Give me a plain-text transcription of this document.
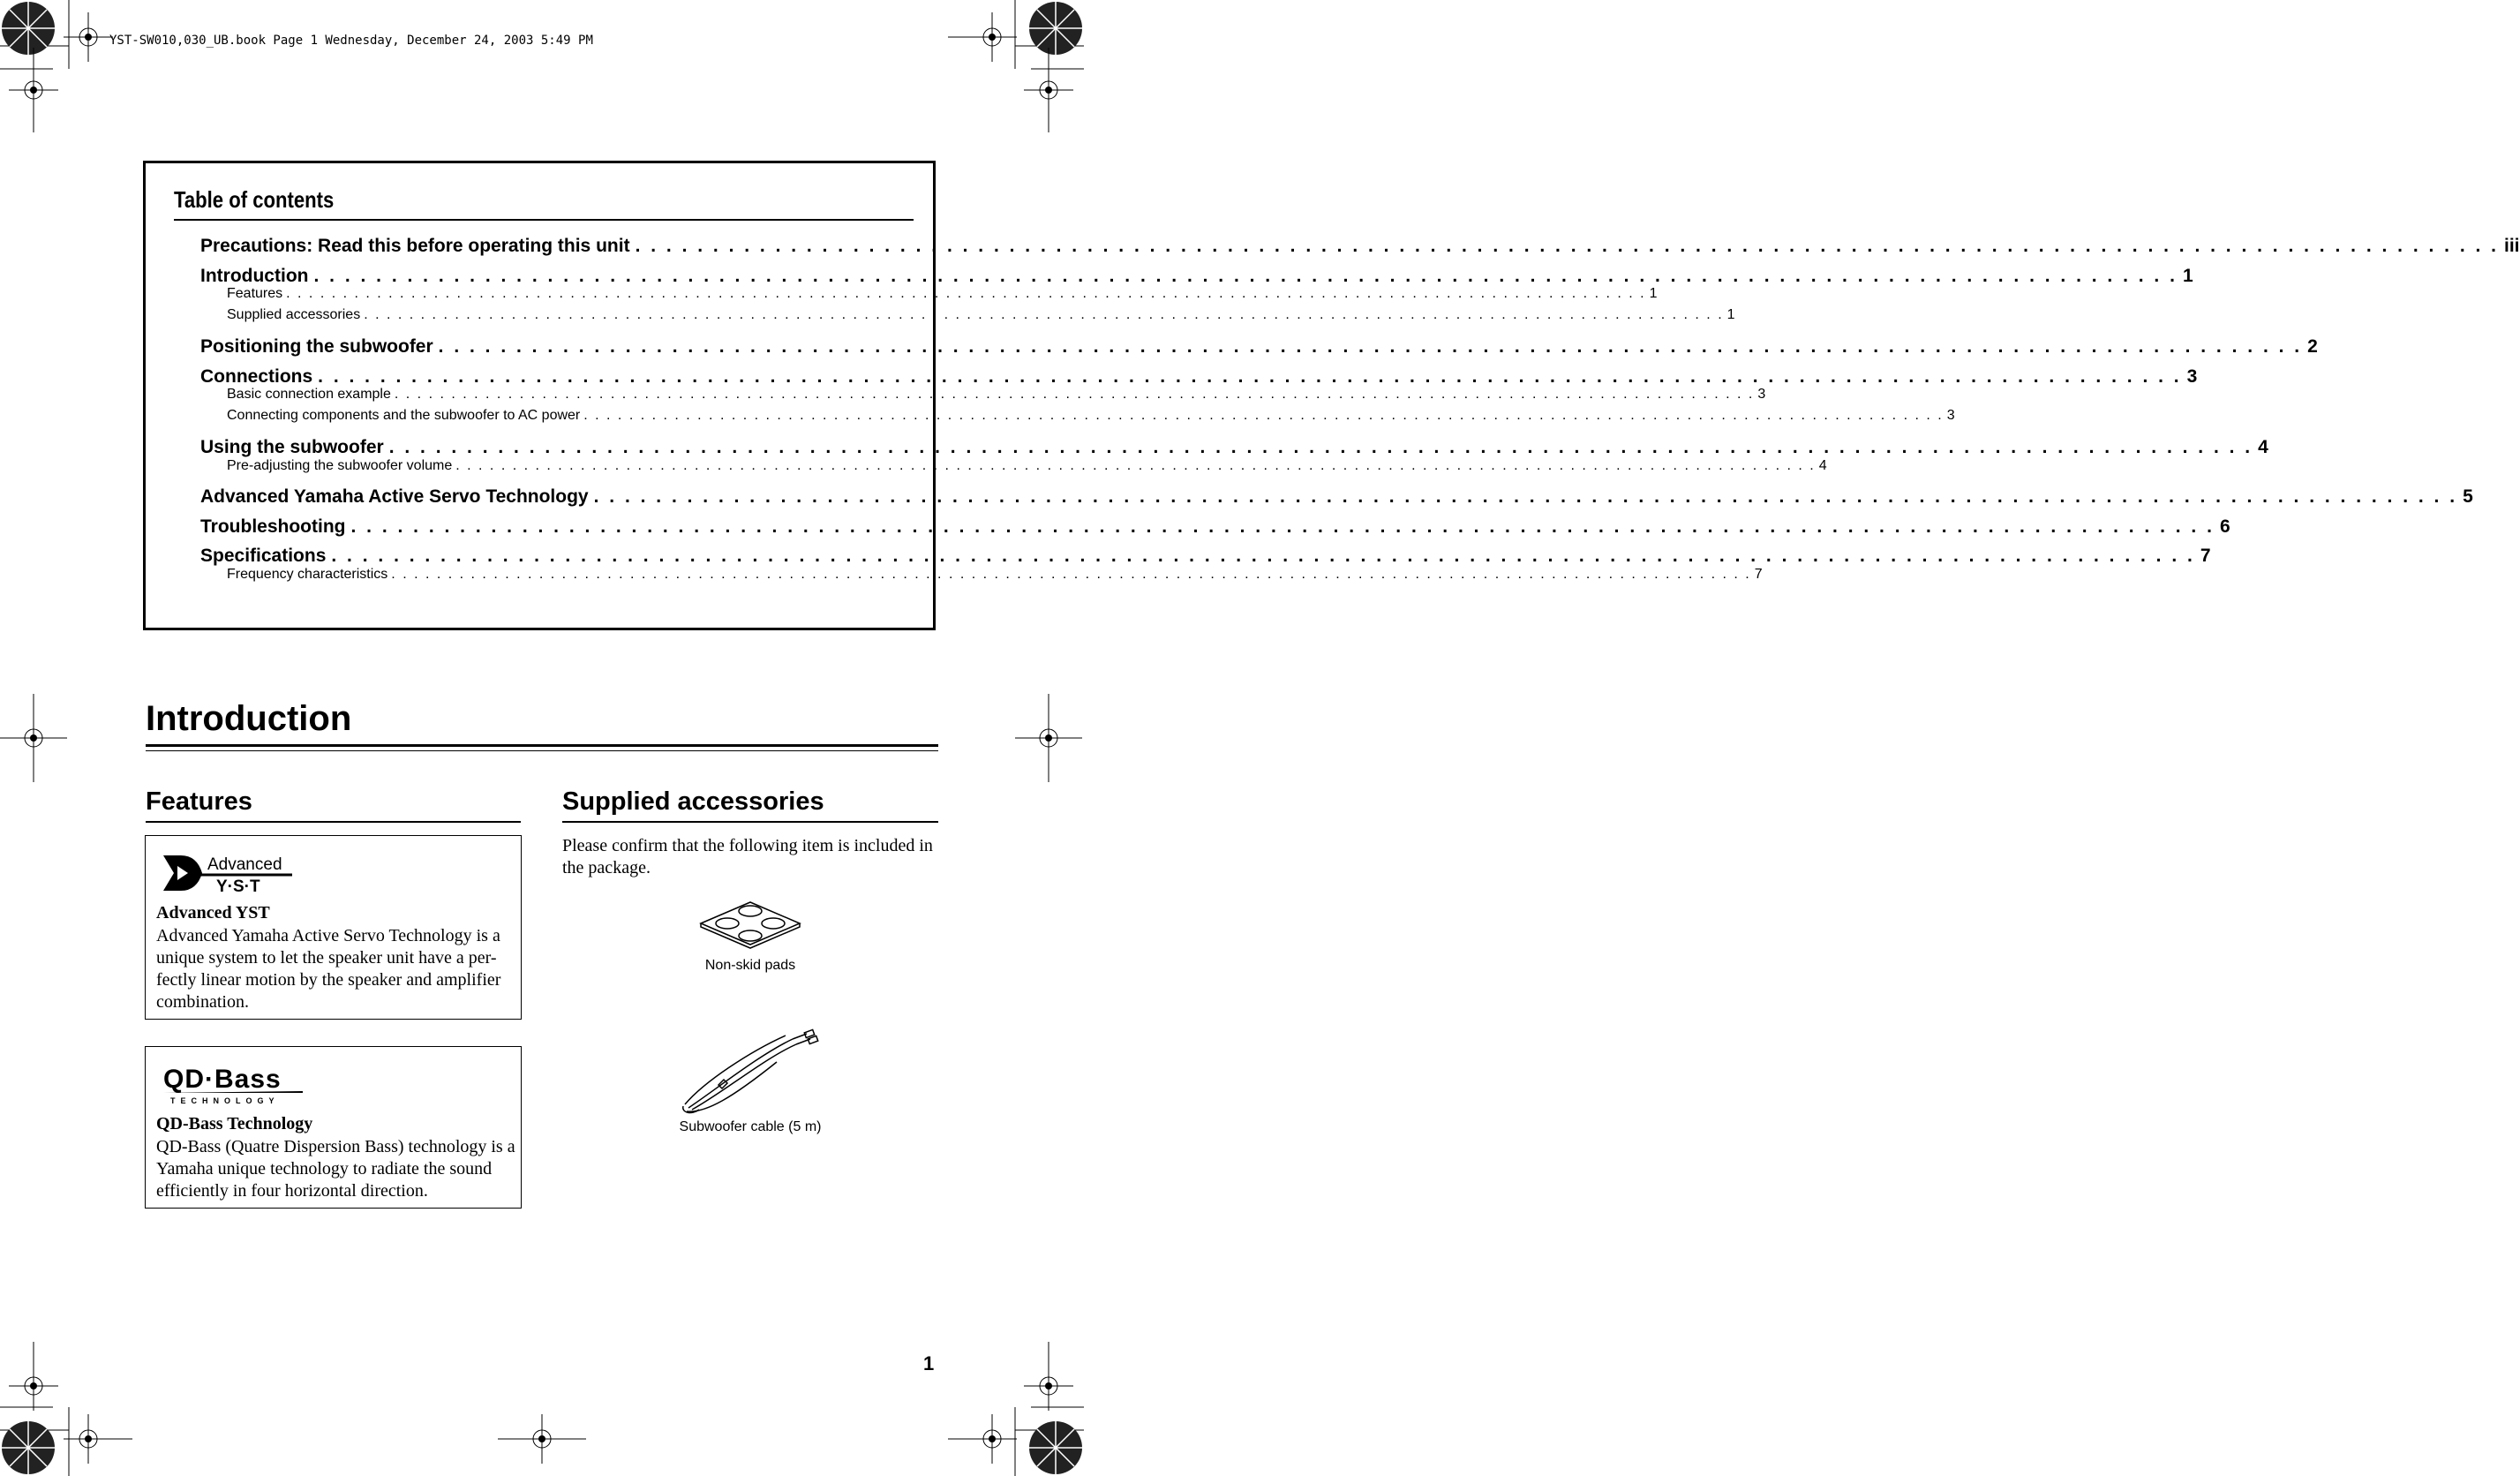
YST-SW010,030_UB.book Page 1 Wednesday, December 24, 2003 5:49 PM
Table of contents
Precautions: Read this before operating this unit . . . . . . . . . . . . . . . . . . . . . . . . . . . . . . . . . . . . . . . . . . . . . . . . . . . . . . . . . . . . . . . . . . . . . . . . . . . . . . . . . . . . . . . . . . . . . . . . . . . . . . . . . . . . . . . . . . . . . . . . iii
Introduction . . . . . . . . . . . . . . . . . . . . . . . . . . . . . . . . . . . . . . . . . . . . . . . . . . . . . . . . . . . . . . . . . . . . . . . . . . . . . . . . . . . . . . . . . . . . . . . . . . . . . . . . . . . . . . . . . . . . . . . . 1
Features . . . . . . . . . . . . . . . . . . . . . . . . . . . . . . . . . . . . . . . . . . . . . . . . . . . . . . . . . . . . . . . . . . . . . . . . . . . . . . . . . . . . . . . . . . . . . . . . . . . . . . . . . . . . . . . . . . . . . . . . 1
Supplied accessories . . . . . . . . . . . . . . . . . . . . . . . . . . . . . . . . . . . . . . . . . . . . . . . . . . . . . . . . . . . . . . . . . . . . . . . . . . . . . . . . . . . . . . . . . . . . . . . . . . . . . . . . . . . . . . . . . . . . . . . . 1
Positioning the subwoofer . . . . . . . . . . . . . . . . . . . . . . . . . . . . . . . . . . . . . . . . . . . . . . . . . . . . . . . . . . . . . . . . . . . . . . . . . . . . . . . . . . . . . . . . . . . . . . . . . . . . . . . . . . . . . . . . . . . . . . . . 2
Connections . . . . . . . . . . . . . . . . . . . . . . . . . . . . . . . . . . . . . . . . . . . . . . . . . . . . . . . . . . . . . . . . . . . . . . . . . . . . . . . . . . . . . . . . . . . . . . . . . . . . . . . . . . . . . . . . . . . . . . . . 3
Basic connection example . . . . . . . . . . . . . . . . . . . . . . . . . . . . . . . . . . . . . . . . . . . . . . . . . . . . . . . . . . . . . . . . . . . . . . . . . . . . . . . . . . . . . . . . . . . . . . . . . . . . . . . . . . . . . . . . . . . . . . . . 3
Connecting components and the subwoofer to AC power . . . . . . . . . . . . . . . . . . . . . . . . . . . . . . . . . . . . . . . . . . . . . . . . . . . . . . . . . . . . . . . . . . . . . . . . . . . . . . . . . . . . . . . . . . . . . . . . . . . . . . . . . . . . . . . . . . . . . . . . 3
Using the subwoofer . . . . . . . . . . . . . . . . . . . . . . . . . . . . . . . . . . . . . . . . . . . . . . . . . . . . . . . . . . . . . . . . . . . . . . . . . . . . . . . . . . . . . . . . . . . . . . . . . . . . . . . . . . . . . . . . . . . . . . . . 4
Pre-adjusting the subwoofer volume . . . . . . . . . . . . . . . . . . . . . . . . . . . . . . . . . . . . . . . . . . . . . . . . . . . . . . . . . . . . . . . . . . . . . . . . . . . . . . . . . . . . . . . . . . . . . . . . . . . . . . . . . . . . . . . . . . . . . . . . 4
Advanced Yamaha Active Servo Technology . . . . . . . . . . . . . . . . . . . . . . . . . . . . . . . . . . . . . . . . . . . . . . . . . . . . . . . . . . . . . . . . . . . . . . . . . . . . . . . . . . . . . . . . . . . . . . . . . . . . . . . . . . . . . . . . . . . . . . . . 5
Troubleshooting . . . . . . . . . . . . . . . . . . . . . . . . . . . . . . . . . . . . . . . . . . . . . . . . . . . . . . . . . . . . . . . . . . . . . . . . . . . . . . . . . . . . . . . . . . . . . . . . . . . . . . . . . . . . . . . . . . . . . . . . 6
Specifications . . . . . . . . . . . . . . . . . . . . . . . . . . . . . . . . . . . . . . . . . . . . . . . . . . . . . . . . . . . . . . . . . . . . . . . . . . . . . . . . . . . . . . . . . . . . . . . . . . . . . . . . . . . . . . . . . . . . . . . . 7
Frequency characteristics . . . . . . . . . . . . . . . . . . . . . . . . . . . . . . . . . . . . . . . . . . . . . . . . . . . . . . . . . . . . . . . . . . . . . . . . . . . . . . . . . . . . . . . . . . . . . . . . . . . . . . . . . . . . . . . . . . . . . . . . 7
Introduction
Features
Advanced
Y·S·T
Advanced YST
Advanced Yamaha Active Servo Technology is a unique system to let the speaker unit have a per-fectly linear motion by the speaker and amplifier combination.
QD·Bass
TECHNOLOGY
QD-Bass Technology
QD-Bass (Quatre Dispersion Bass) technology is a Yamaha unique technology to radiate the sound efficiently in four horizontal direction.
Supplied accessories
Please confirm that the following item is included in the package.
Non-skid pads
Subwoofer cable (5 m)
1
